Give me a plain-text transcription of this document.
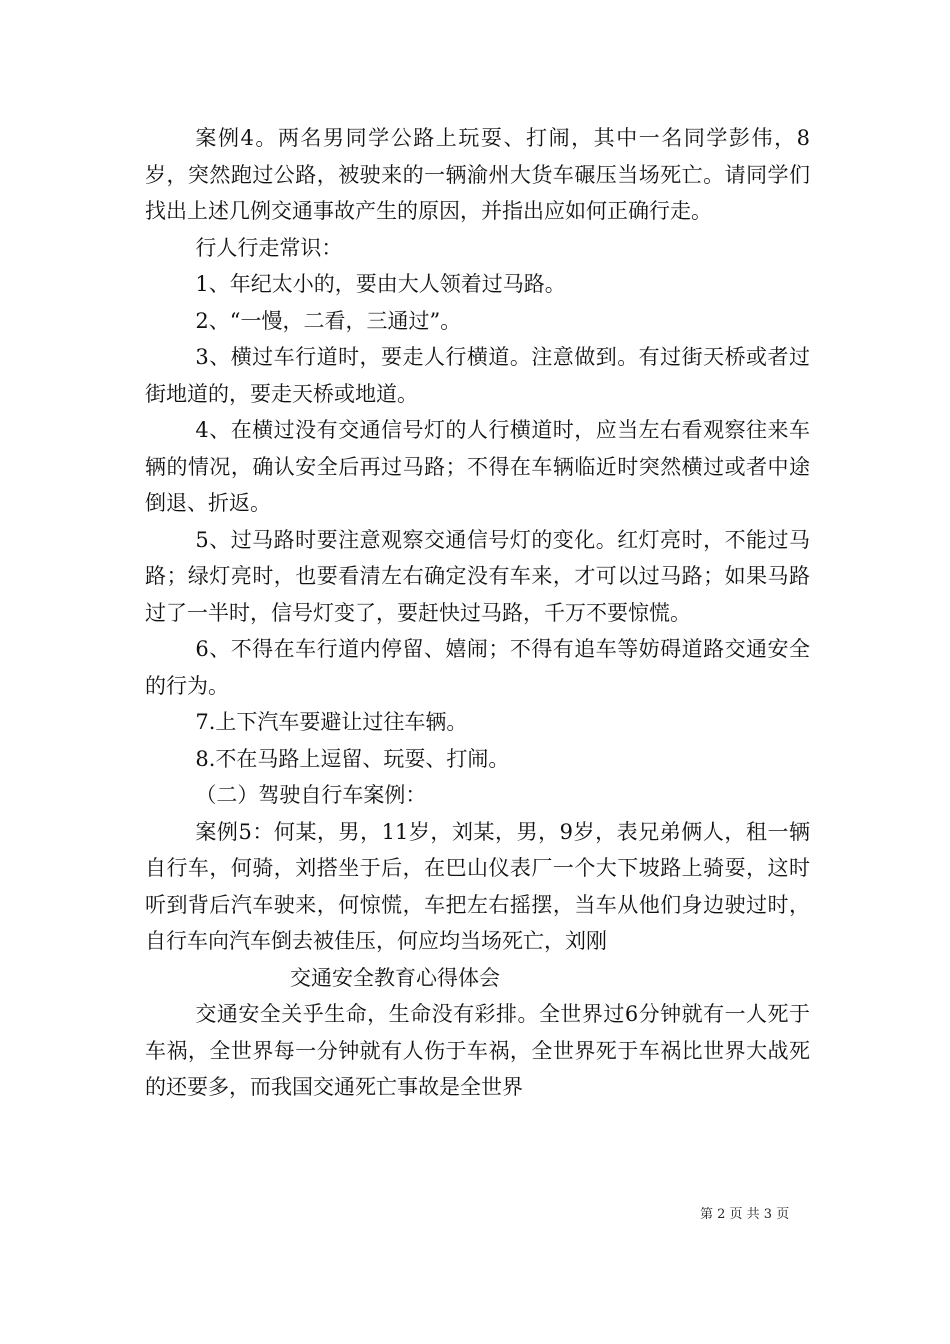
案例4。两名男同学公路上玩耍、打闹，其中一名同学彭伟，8岁，突然跑过公路，被驶来的一辆渝州大货车碾压当场死亡。请同学们找出上述几例交通事故产生的原因，并指出应如何正确行走。

行人行走常识：

1、年纪太小的，要由大人领着过马路。

2、“一慢，二看，三通过”。

3、横过车行道时，要走人行横道。注意做到。有过街天桥或者过街地道的，要走天桥或地道。

4、在横过没有交通信号灯的人行横道时，应当左右看观察往来车辆的情况，确认安全后再过马路；不得在车辆临近时突然横过或者中途倒退、折返。

5、过马路时要注意观察交通信号灯的变化。红灯亮时，不能过马路；绿灯亮时，也要看清左右确定没有车来，才可以过马路；如果马路过了一半时，信号灯变了，要赶快过马路，千万不要惊慌。

6、不得在车行道内停留、嬉闹；不得有追车等妨碍道路交通安全的行为。

7.上下汽车要避让过往车辆。

8.不在马路上逗留、玩耍、打闹。

（二）驾驶自行车案例：

案例5：何某，男，11岁，刘某，男，9岁，表兄弟俩人，租一辆自行车，何骑，刘搭坐于后，在巴山仪表厂一个大下坡路上骑耍，这时听到背后汽车驶来，何惊慌，车把左右摇摆，当车从他们身边驶过时，自行车向汽车倒去被佳压，何应均当场死亡，刘刚

交通安全教育心得体会

交通安全关乎生命，生命没有彩排。全世界过6分钟就有一人死于车祸，全世界每一分钟就有人伤于车祸，全世界死于车祸比世界大战死的还要多，而我国交通死亡事故是全世界

第 2 页 共 3 页
